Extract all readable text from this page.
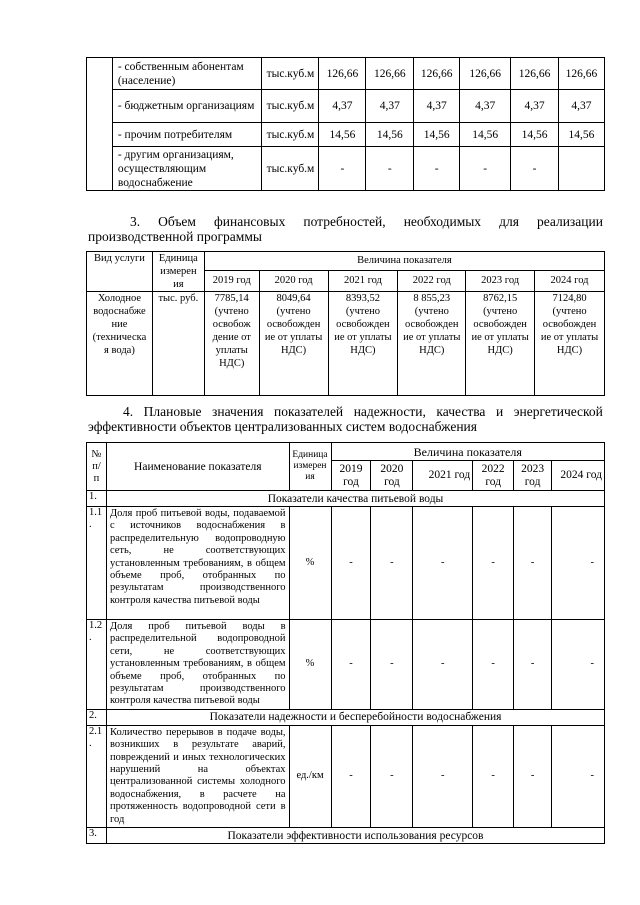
	- собственным абонентам (население)	тыс.куб.м	126,66	126,66	126,66	126,66	126,66	126,66
	- бюджетным организациям	тыс.куб.м	4,37	4,37	4,37	4,37	4,37	4,37
	- прочим потребителям	тыс.куб.м	14,56	14,56	14,56	14,56	14,56	14,56
	- другим организациям, осуществляющим водоснабжение	тыс.куб.м	-	-	-	-	-	
3. Объем финансовых потребностей, необходимых для реализации
производственной программы
Вид услуги	Единица измерен ия	Величина показателя					
		2019 год	2020 год	2021 год	2022 год	2023 год	2024 год
Холодное водоснабже ние (техническа я вода)	тыс. руб.	7785,14 (учтено освобож дение от уплаты НДС)	8049,64 (учтено освобожден ие от уплаты НДС)	8393,52 (учтено освобожден ие от уплаты НДС)	8 855,23 (учтено освобожден ие от уплаты НДС)	8762,15 (учтено освобожден ие от уплаты НДС)	7124,80 (учтено освобожден ие от уплаты НДС)
4. Плановые значения показателей надежности, качества и энергетической
эффективности объектов централизованных систем водоснабжения
№ п/ п	Наименование показателя	Единица измерен ия	Величина показателя					
			2019 год	2020 год	2021 год	2022 год	2023 год	2024 год
1.	Показатели качества питьевой воды							
1.1 .	Доля проб питьевой воды, подаваемой с источников водоснабжения в распределительную водопроводную сеть, не соответствующих установленным требованиям, в общем объеме проб, отобранных по результатам производственного контроля качества питьевой воды	%	-	-	-	-	-	-
1.2 .	Доля проб питьевой воды в распределительной водопроводной сети, не соответствующих установленным требованиям, в общем объеме проб, отобранных по результатам производственного контроля качества питьевой воды	%	-	-	-	-	-	-
2.	Показатели надежности и бесперебойности водоснабжения							
2.1 .	Количество перерывов в подаче воды, возникших в результате аварий, повреждений и иных технологических нарушений на объектах централизованной системы холодного водоснабжения, в расчете на протяженность водопроводной сети в год	ед./км	-	-	-	-	-	-
3.	Показатели эффективности использования ресурсов							
